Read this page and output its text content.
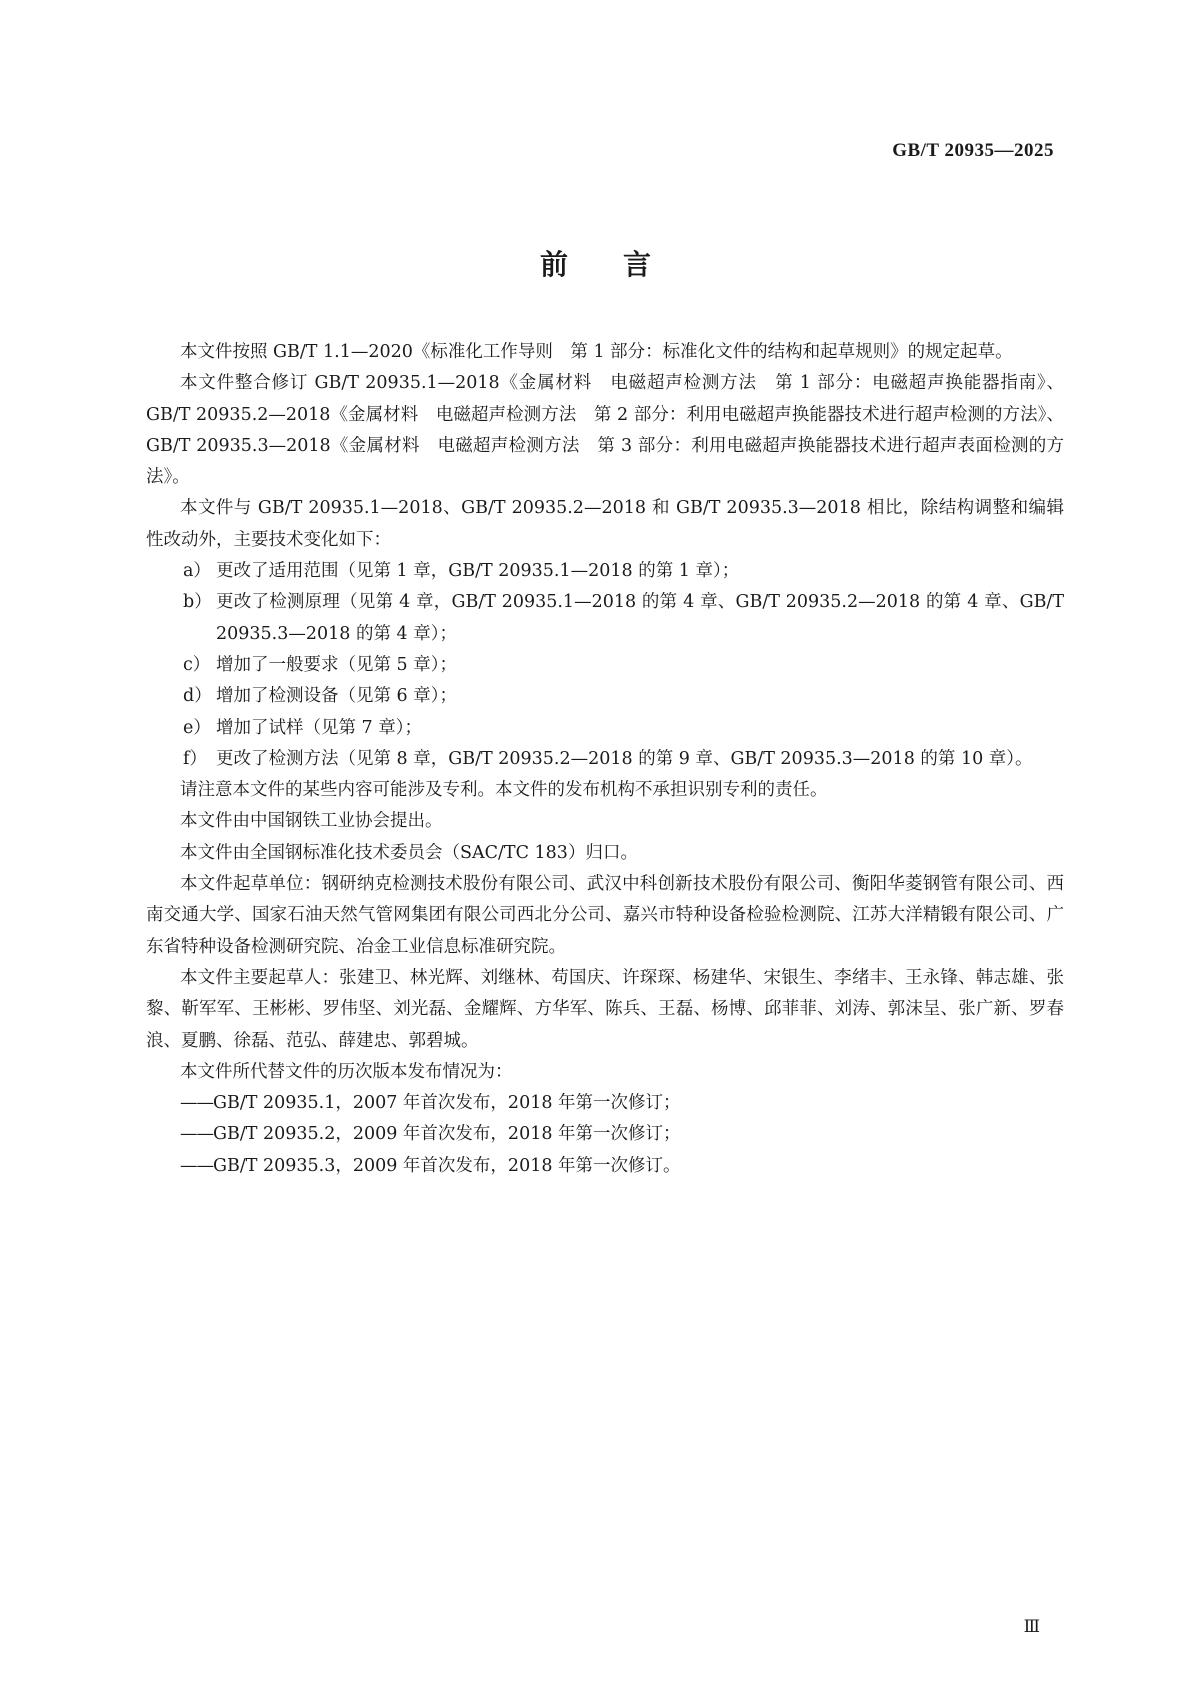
GB/T 20935—2025

前言

本文件按照 GB/T 1.1—2020《标准化工作导则　第 1 部分：标准化文件的结构和起草规则》的规定起草。

本文件整合修订 GB/T 20935.1—2018《金属材料　电磁超声检测方法　第 1 部分：电磁超声换能器指南》、GB/T 20935.2—2018《金属材料　电磁超声检测方法　第 2 部分：利用电磁超声换能器技术进行超声检测的方法》、GB/T 20935.3—2018《金属材料　电磁超声检测方法　第 3 部分：利用电磁超声换能器技术进行超声表面检测的方法》。

本文件与 GB/T 20935.1—2018、GB/T 20935.2—2018 和 GB/T 20935.3—2018 相比，除结构调整和编辑性改动外，主要技术变化如下：

a） 更改了适用范围（见第 1 章，GB/T 20935.1—2018 的第 1 章）；

b） 更改了检测原理（见第 4 章，GB/T 20935.1—2018 的第 4 章、GB/T 20935.2—2018 的第 4 章、GB/T 20935.3—2018 的第 4 章）；

c） 增加了一般要求（见第 5 章）；

d） 增加了检测设备（见第 6 章）；

e） 增加了试样（见第 7 章）；

f） 更改了检测方法（见第 8 章，GB/T 20935.2—2018 的第 9 章、GB/T 20935.3—2018 的第 10 章）。

请注意本文件的某些内容可能涉及专利。本文件的发布机构不承担识别专利的责任。

本文件由中国钢铁工业协会提出。

本文件由全国钢标准化技术委员会（SAC/TC 183）归口。

本文件起草单位：钢研纳克检测技术股份有限公司、武汉中科创新技术股份有限公司、衡阳华菱钢管有限公司、西南交通大学、国家石油天然气管网集团有限公司西北分公司、嘉兴市特种设备检验检测院、江苏大洋精锻有限公司、广东省特种设备检测研究院、冶金工业信息标准研究院。

本文件主要起草人：张建卫、林光辉、刘继林、苟国庆、许琛琛、杨建华、宋银生、李绪丰、王永锋、韩志雄、张黎、靳军军、王彬彬、罗伟坚、刘光磊、金耀辉、方华军、陈兵、王磊、杨博、邱菲菲、刘涛、郭沫呈、张广新、罗春浪、夏鹏、徐磊、范弘、薛建忠、郭碧城。

本文件所代替文件的历次版本发布情况为：

——GB/T 20935.1，2007 年首次发布，2018 年第一次修订；

——GB/T 20935.2，2009 年首次发布，2018 年第一次修订；

——GB/T 20935.3，2009 年首次发布，2018 年第一次修订。

Ⅲ
